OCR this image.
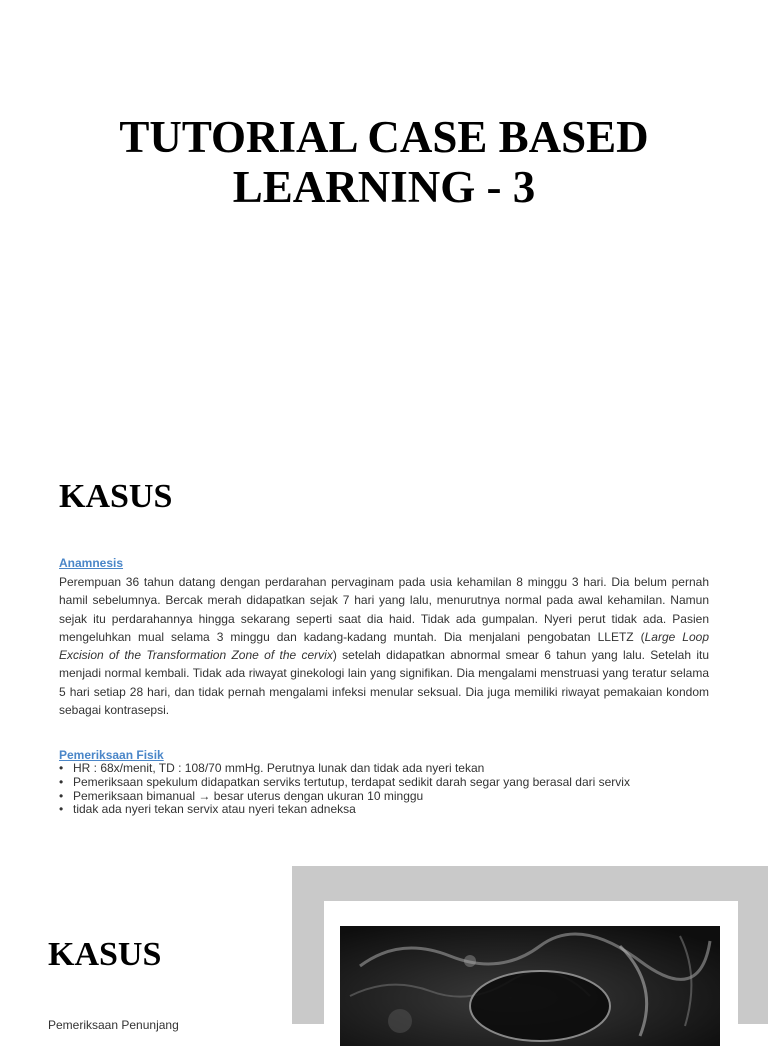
TUTORIAL CASE BASED
LEARNING - 3
KASUS
Anamnesis

Perempuan 36 tahun datang dengan perdarahan pervaginam pada usia kehamilan 8 minggu 3 hari. Dia belum pernah hamil sebelumnya. Bercak merah didapatkan sejak 7 hari yang lalu, menurutnya normal pada awal kehamilan. Namun sejak itu perdarahannya hingga sekarang seperti saat dia haid. Tidak ada gumpalan. Nyeri perut tidak ada. Pasien mengeluhkan mual selama 3 minggu dan kadang-kadang muntah. Dia menjalani pengobatan LLETZ (Large Loop Excision of the Transformation Zone of the cervix) setelah didapatkan abnormal smear 6 tahun yang lalu. Setelah itu menjadi normal kembali. Tidak ada riwayat ginekologi lain yang signifikan. Dia mengalami menstruasi yang teratur selama 5 hari setiap 28 hari, dan tidak pernah mengalami infeksi menular seksual. Dia juga memiliki riwayat pemakaian kondom sebagai kontrasepsi.

Pemeriksaan Fisik
• HR : 68x/menit, TD : 108/70 mmHg. Perutnya lunak dan tidak ada nyeri tekan
• Pemeriksaan spekulum didapatkan serviks tertutup, terdapat sedikit darah segar yang berasal dari servix
• Pemeriksaan bimanual → besar uterus dengan ukuran 10 minggu
• tidak ada nyeri tekan servix atau nyeri tekan adneksa
KASUS
Pemeriksaan Penunjang
